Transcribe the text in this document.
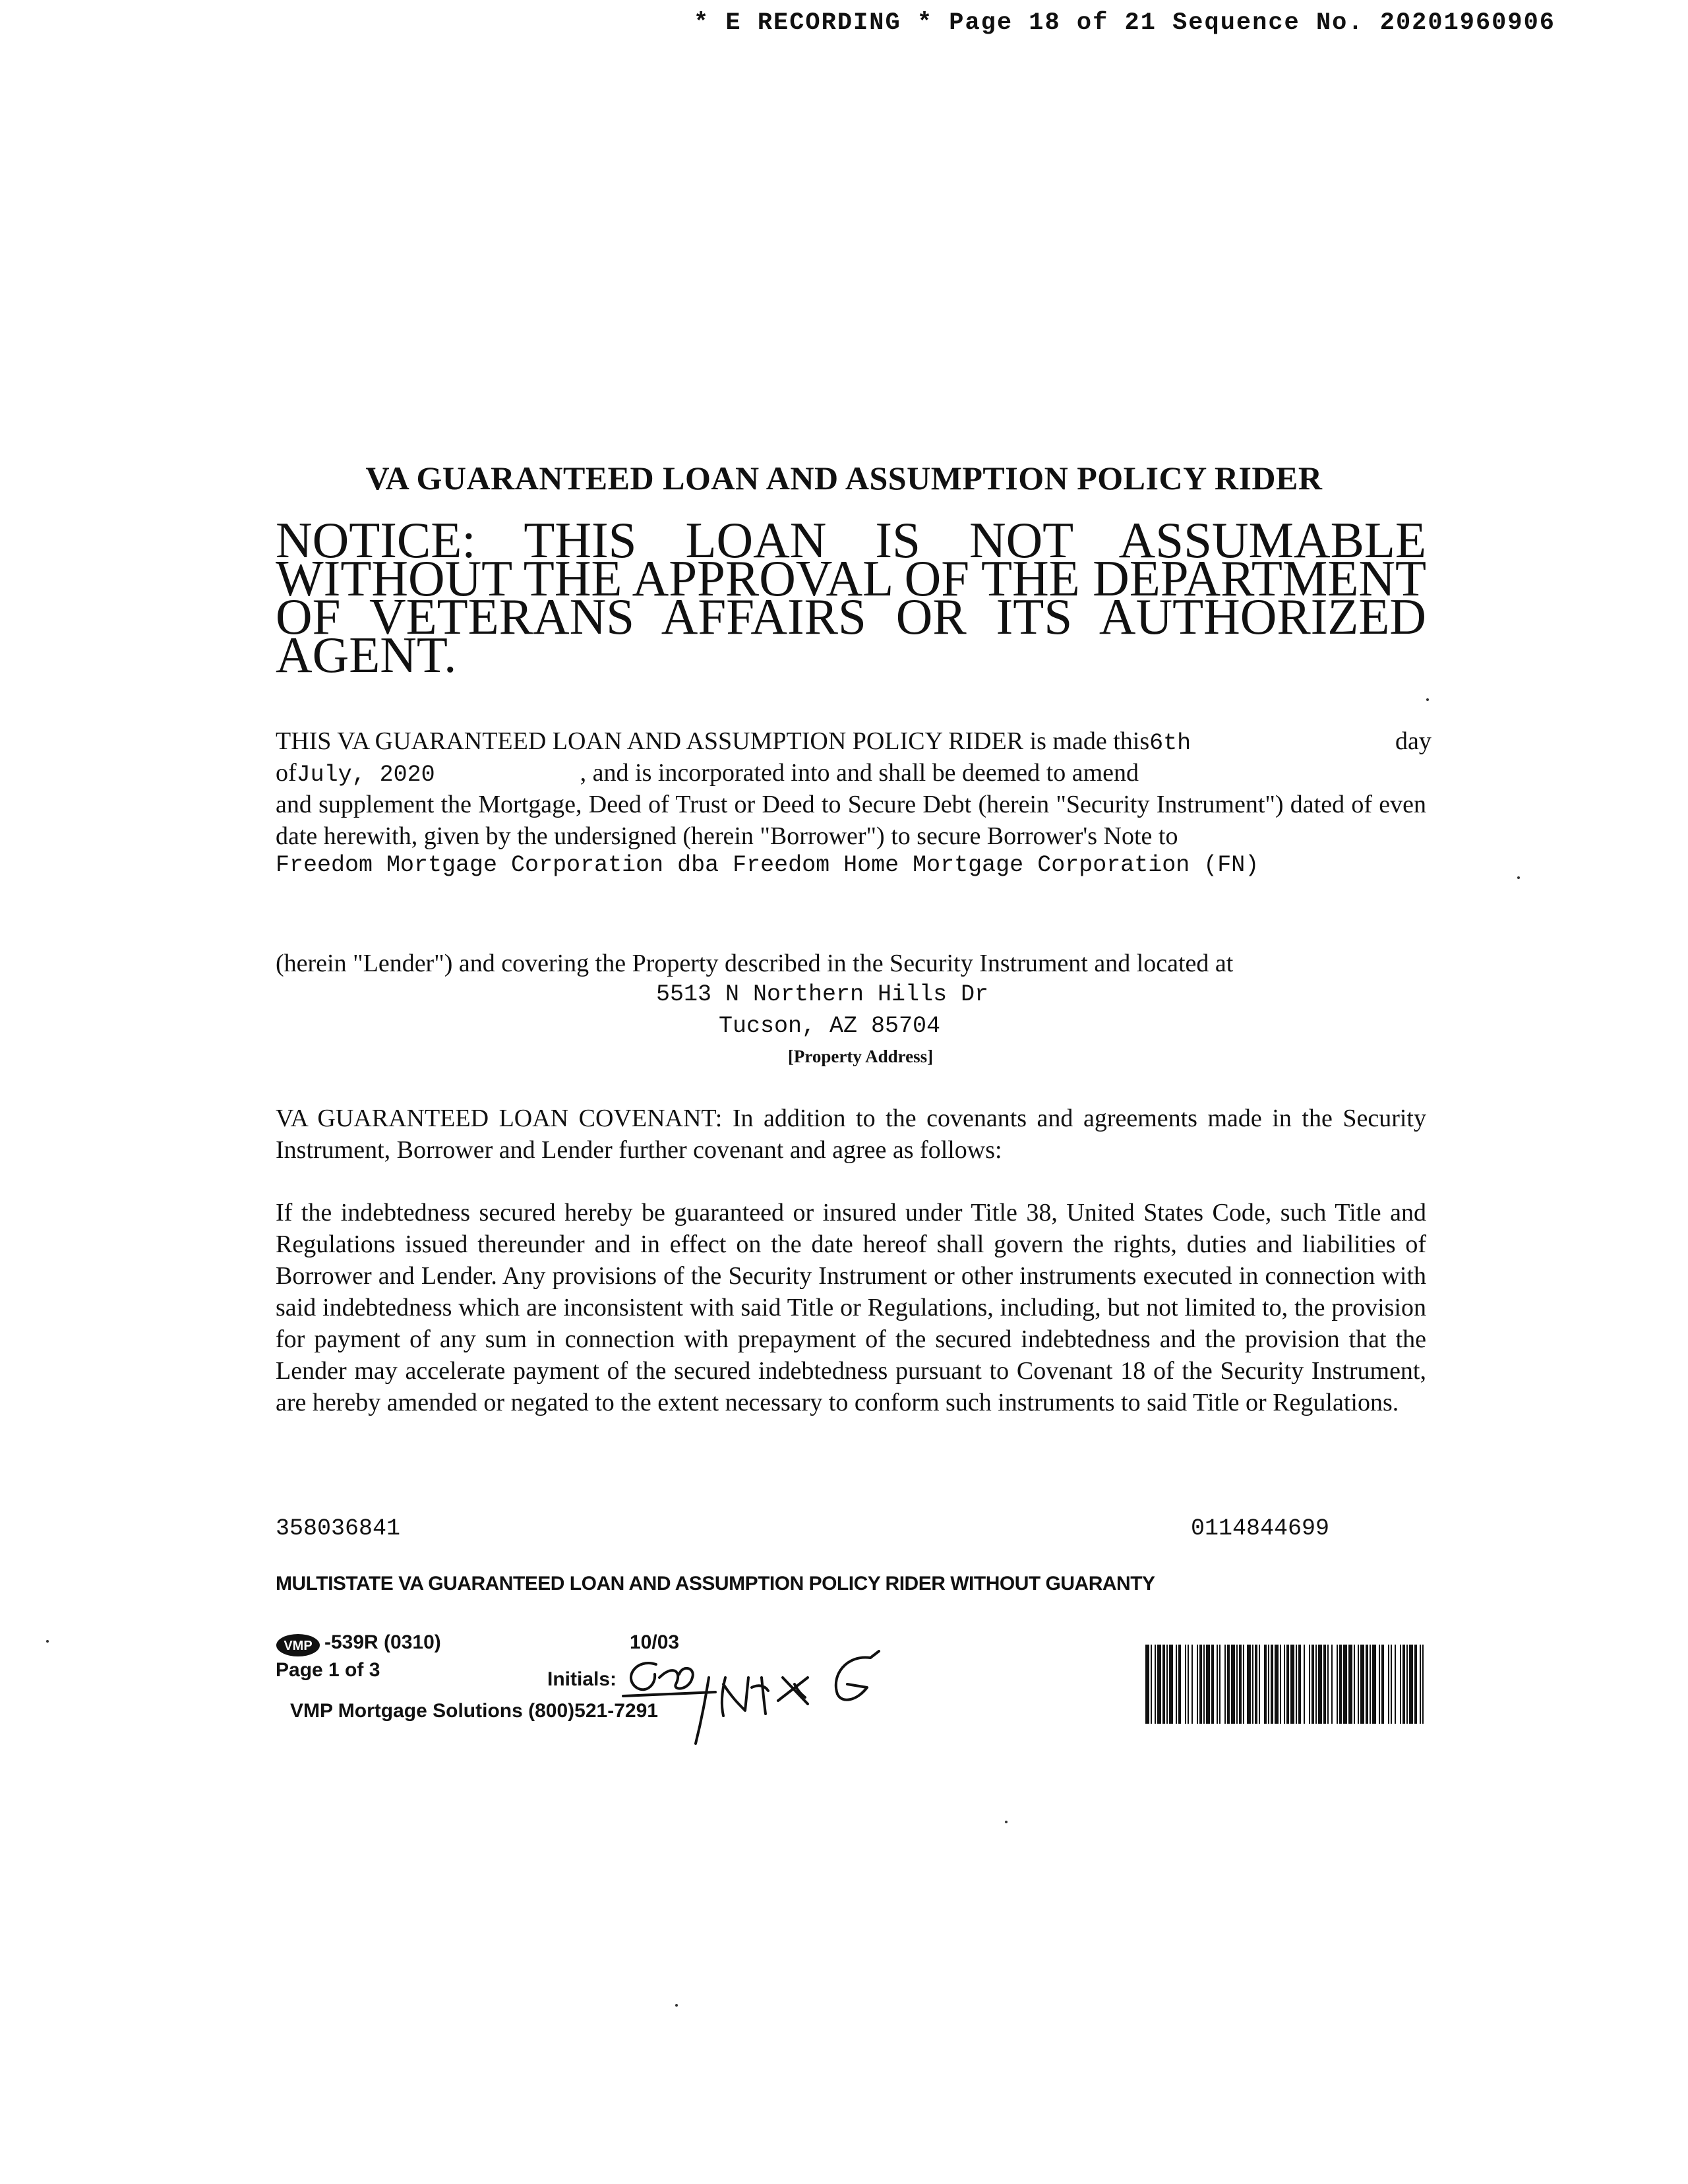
* E RECORDING * Page 18 of 21 Sequence No. 20201960906
VA GUARANTEED LOAN AND ASSUMPTION POLICY RIDER
NOTICE: THIS LOAN IS NOT ASSUMABLE WITHOUT THE APPROVAL OF THE DEPARTMENT OF VETERANS AFFAIRS OR ITS AUTHORIZED AGENT.
THIS VA GUARANTEED LOAN AND ASSUMPTION POLICY RIDER is made this6th	day
ofJuly, 2020	, and is incorporated into and shall be deemed to amend
and supplement the Mortgage, Deed of Trust or Deed to Secure Debt (herein "Security Instrument") dated of even date herewith, given by the undersigned (herein "Borrower") to secure Borrower's Note to
Freedom Mortgage Corporation dba Freedom Home Mortgage Corporation (FN)
(herein "Lender") and covering the Property described in the Security Instrument and located at
5513 N Northern Hills Dr
Tucson, AZ 85704
[Property Address]
VA GUARANTEED LOAN COVENANT: In addition to the covenants and agreements made in the Security Instrument, Borrower and Lender further covenant and agree as follows:
If the indebtedness secured hereby be guaranteed or insured under Title 38, United States Code, such Title and Regulations issued thereunder and in effect on the date hereof shall govern the rights, duties and liabilities of Borrower and Lender. Any provisions of the Security Instrument or other instruments executed in connection with said indebtedness which are inconsistent with said Title or Regulations, including, but not limited to, the provision for payment of any sum in connection with prepayment of the secured indebtedness and the provision that the Lender may accelerate payment of the secured indebtedness pursuant to Covenant 18 of the Security Instrument, are hereby amended or negated to the extent necessary to conform such instruments to said Title or Regulations.
358036841	0114844699
MULTISTATE VA GUARANTEED LOAN AND ASSUMPTION POLICY RIDER WITHOUT GUARANTY
VMP -539R (0310)	10/03
Page 1 of 3	Initials:
VMP Mortgage Solutions (800)521-7291
